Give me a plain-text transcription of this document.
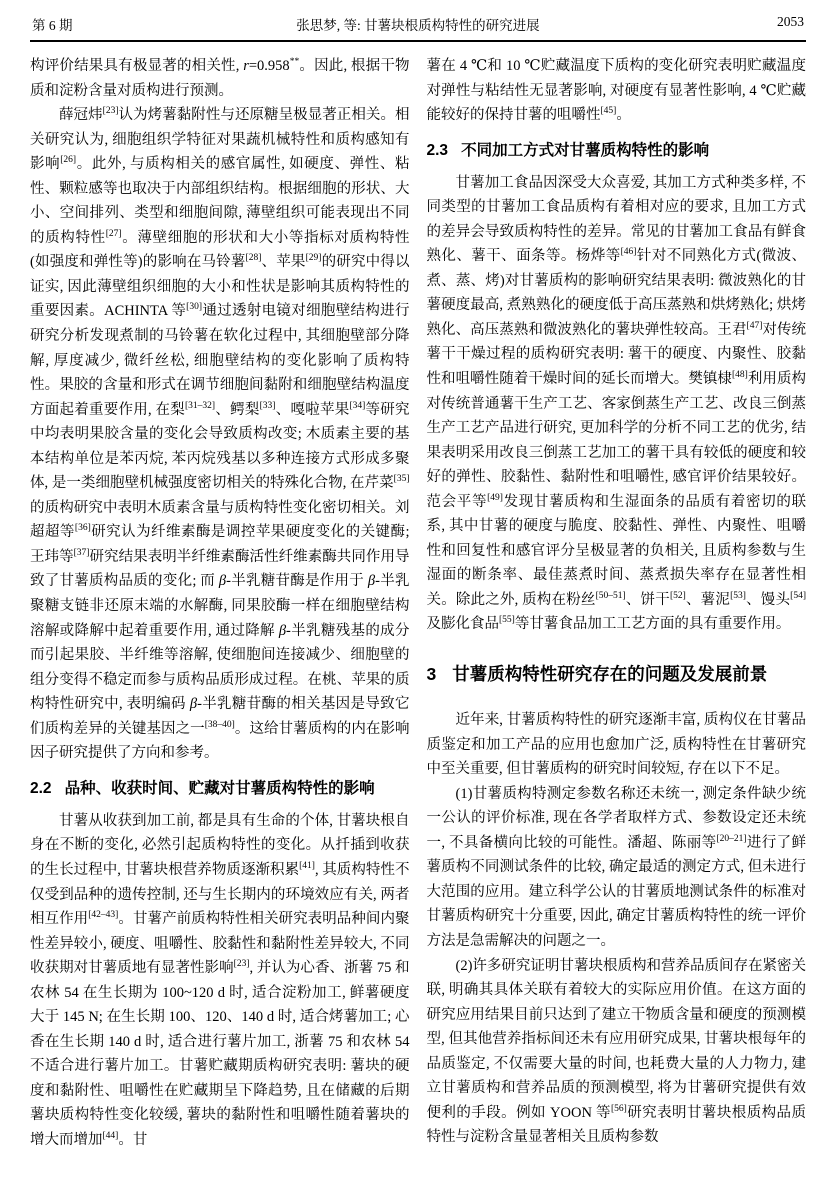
第 6 期	张思梦, 等: 甘薯块根质构特性的研究进展	2053

构评价结果具有极显著的相关性, r=0.958**。因此, 根据干物质和淀粉含量对质构进行预测。

薛冠炜[23]认为烤薯黏附性与还原糖呈极显著正相关。相关研究认为, 细胞组织学特征对果蔬机械特性和质构感知有影响[26]。此外, 与质构相关的感官属性, 如硬度、弹性、粘性、颗粒感等也取决于内部组织结构。根据细胞的形状、大小、空间排列、类型和细胞间隙, 薄壁组织可能表现出不同的质构特性[27]。薄壁细胞的形状和大小等指标对质构特性(如强度和弹性等)的影响在马铃薯[28]、苹果[29]的研究中得以证实, 因此薄壁组织细胞的大小和性状是影响其质构特性的重要因素。ACHINTA 等[30]通过透射电镜对细胞壁结构进行研究分析发现煮制的马铃薯在软化过程中, 其细胞壁部分降解, 厚度减少, 微纤丝松, 细胞壁结构的变化影响了质构特性。果胶的含量和形式在调节细胞间黏附和细胞壁结构温度方面起着重要作用, 在梨[31–32]、鳄梨[33]、嘎啦苹果[34]等研究中均表明果胶含量的变化会导致质构改变; 木质素主要的基本结构单位是苯丙烷, 苯丙烷残基以多种连接方式形成多聚体, 是一类细胞壁机械强度密切相关的特殊化合物, 在芹菜[35]的质构研究中表明木质素含量与质构特性变化密切相关。刘超超等[36]研究认为纤维素酶是调控苹果硬度变化的关键酶; 王玮等[37]研究结果表明半纤维素酶活性纤维素酶共同作用导致了甘薯质构品质的变化; 而 β-半乳糖苷酶是作用于 β-半乳聚糖支链非还原末端的水解酶, 同果胶酶一样在细胞壁结构溶解或降解中起着重要作用, 通过降解 β-半乳糖残基的成分而引起果胶、半纤维等溶解, 使细胞间连接减少、细胞壁的组分变得不稳定而参与质构品质形成过程。在桃、苹果的质构特性研究中, 表明编码 β-半乳糖苷酶的相关基因是导致它们质构差异的关键基因之一[38–40]。这给甘薯质构的内在影响因子研究提供了方向和参考。

2.2 品种、收获时间、贮藏对甘薯质构特性的影响

甘薯从收获到加工前, 都是具有生命的个体, 甘薯块根自身在不断的变化, 必然引起质构特性的变化。从扦插到收获的生长过程中, 甘薯块根营养物质逐渐积累[41], 其质构特性不仅受到品种的遗传控制, 还与生长期内的环境效应有关, 两者相互作用[42–43]。甘薯产前质构特性相关研究表明品种间内聚性差异较小, 硬度、咀嚼性、胶黏性和黏附性差异较大, 不同收获期对甘薯质地有显著性影响[23], 并认为心香、浙薯 75 和农林 54 在生长期为 100~120 d 时, 适合淀粉加工, 鲜薯硬度大于 145 N; 在生长期 100、120、140 d 时, 适合烤薯加工; 心香在生长期 140 d 时, 适合进行薯片加工, 浙薯 75 和农林 54 不适合进行薯片加工。甘薯贮藏期质构研究表明: 薯块的硬度和黏附性、咀嚼性在贮藏期呈下降趋势, 且在储藏的后期薯块质构特性变化较缓, 薯块的黏附性和咀嚼性随着薯块的增大而增加[44]。甘

薯在 4 ℃和 10 ℃贮藏温度下质构的变化研究表明贮藏温度对弹性与粘结性无显著影响, 对硬度有显著性影响, 4 ℃贮藏能较好的保持甘薯的咀嚼性[45]。

2.3 不同加工方式对甘薯质构特性的影响

甘薯加工食品因深受大众喜爱, 其加工方式种类多样, 不同类型的甘薯加工食品质构有着相对应的要求, 且加工方式的差异会导致质构特性的差异。常见的甘薯加工食品有鲜食熟化、薯干、面条等。杨烨等[46]针对不同熟化方式(微波、煮、蒸、烤)对甘薯质构的影响研究结果表明: 微波熟化的甘薯硬度最高, 煮熟熟化的硬度低于高压蒸熟和烘烤熟化; 烘烤熟化、高压蒸熟和微波熟化的薯块弹性较高。王君[47]对传统薯干干燥过程的质构研究表明: 薯干的硬度、内聚性、胶黏性和咀嚼性随着干燥时间的延长而增大。樊镇棣[48]利用质构对传统普通薯干生产工艺、客家倒蒸生产工艺、改良三倒蒸生产工艺产品进行研究, 更加科学的分析不同工艺的优劣, 结果表明采用改良三倒蒸工艺加工的薯干具有较低的硬度和较好的弹性、胶黏性、黏附性和咀嚼性, 感官评价结果较好。范会平等[49]发现甘薯质构和生湿面条的品质有着密切的联系, 其中甘薯的硬度与脆度、胶黏性、弹性、内聚性、咀嚼性和回复性和感官评分呈极显著的负相关, 且质构参数与生湿面的断条率、最佳蒸煮时间、蒸煮损失率存在显著性相关。除此之外, 质构在粉丝[50–51]、饼干[52]、薯泥[53]、馒头[54]及膨化食品[55]等甘薯食品加工工艺方面的具有重要作用。

3 甘薯质构特性研究存在的问题及发展前景

近年来, 甘薯质构特性的研究逐渐丰富, 质构仪在甘薯品质鉴定和加工产品的应用也愈加广泛, 质构特性在甘薯研究中至关重要, 但甘薯质构的研究时间较短, 存在以下不足。

(1)甘薯质构特测定参数名称还未统一, 测定条件缺少统一公认的评价标准, 现在各学者取样方式、参数设定还未统一, 不具备横向比较的可能性。潘超、陈丽等[20–21]进行了鲜薯质构不同测试条件的比较, 确定最适的测定方式, 但未进行大范围的应用。建立科学公认的甘薯质地测试条件的标准对甘薯质构研究十分重要, 因此, 确定甘薯质构特性的统一评价方法是急需解决的问题之一。

(2)许多研究证明甘薯块根质构和营养品质间存在紧密关联, 明确其具体关联有着较大的实际应用价值。在这方面的研究应用结果目前只达到了建立干物质含量和硬度的预测模型, 但其他营养指标间还未有应用研究成果, 甘薯块根每年的品质鉴定, 不仅需要大量的时间, 也耗费大量的人力物力, 建立甘薯质构和营养品质的预测模型, 将为甘薯研究提供有效便利的手段。例如 YOON 等[56]研究表明甘薯块根质构品质特性与淀粉含量显著相关且质构参数
